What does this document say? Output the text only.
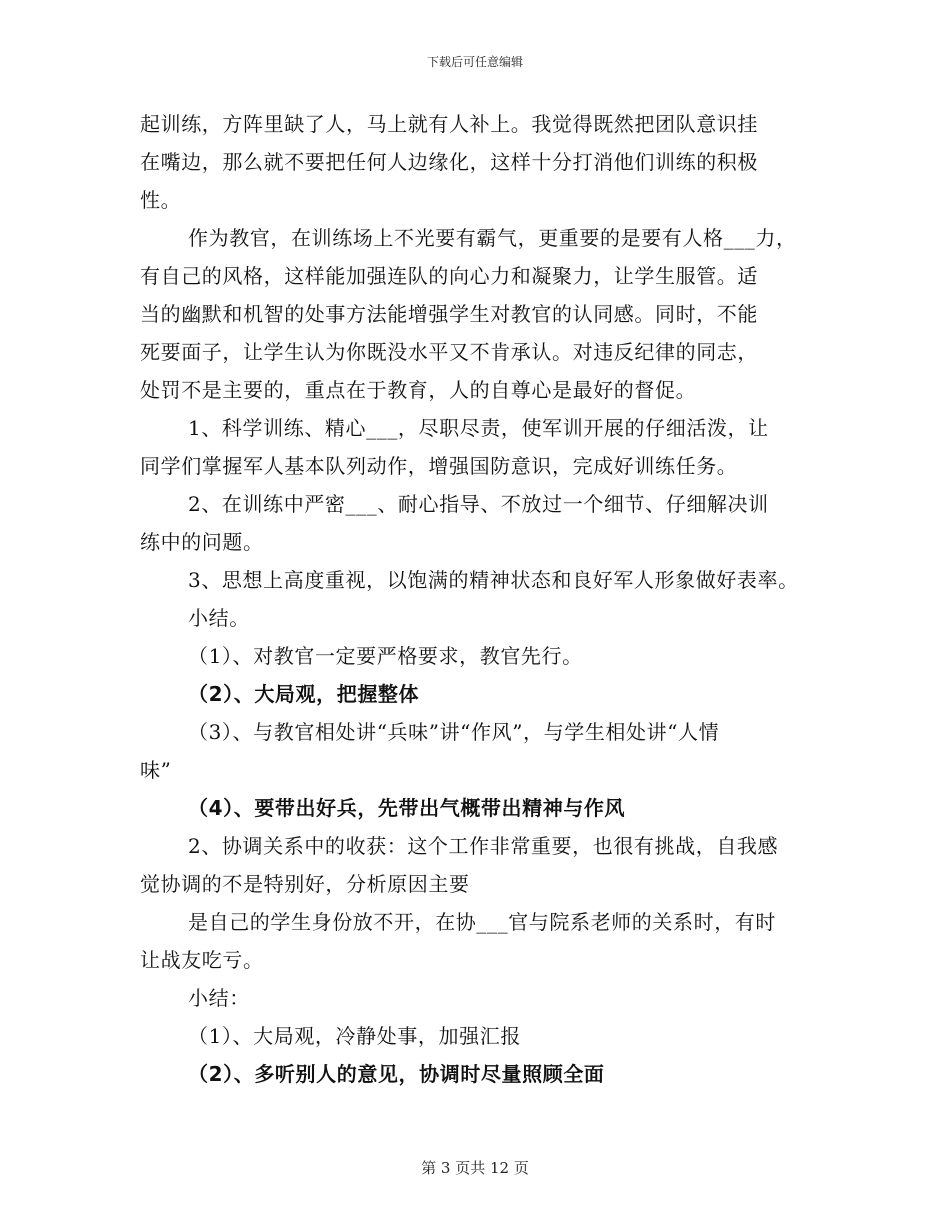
下载后可任意编辑
起训练，方阵里缺了人，马上就有人补上。我觉得既然把团队意识挂
在嘴边，那么就不要把任何人边缘化，这样十分打消他们训练的积极
性。
作为教官，在训练场上不光要有霸气，更重要的是要有人格___力，
有自己的风格，这样能加强连队的向心力和凝聚力，让学生服管。适
当的幽默和机智的处事方法能增强学生对教官的认同感。同时，不能
死要面子，让学生认为你既没水平又不肯承认。对违反纪律的同志，
处罚不是主要的，重点在于教育，人的自尊心是最好的督促。
1、科学训练、精心___，尽职尽责，使军训开展的仔细活泼，让
同学们掌握军人基本队列动作，增强国防意识，完成好训练任务。
2、在训练中严密___、耐心指导、不放过一个细节、仔细解决训
练中的问题。
3、思想上高度重视，以饱满的精神状态和良好军人形象做好表率。
小结。
（1）、对教官一定要严格要求，教官先行。
（2）、大局观，把握整体
（3）、与教官相处讲“兵味”讲“作风”，与学生相处讲“人情
味”
（4）、要带出好兵，先带出气概带出精神与作风
2、协调关系中的收获：这个工作非常重要，也很有挑战，自我感
觉协调的不是特别好，分析原因主要
是自己的学生身份放不开，在协___官与院系老师的关系时，有时
让战友吃亏。
小结：
（1）、大局观，冷静处事，加强汇报
（2）、多听别人的意见，协调时尽量照顾全面
第 3 页共 12 页
